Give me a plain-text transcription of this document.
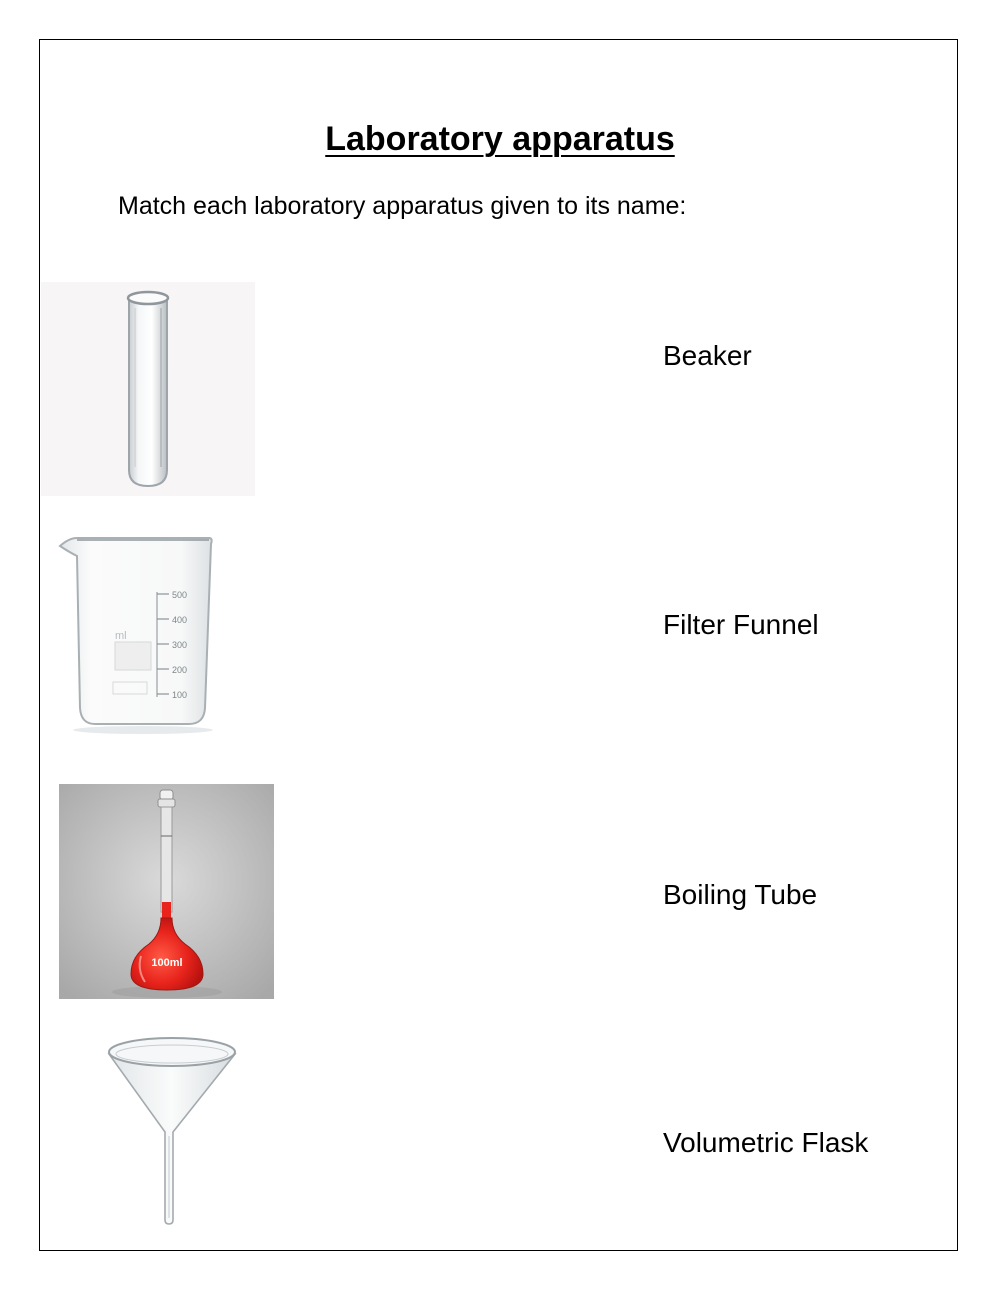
Laboratory apparatus
Match each laboratory apparatus given to its name:
ml
500
400
300
200
100
100ml
Beaker
Filter Funnel
Boiling Tube
Volumetric Flask
